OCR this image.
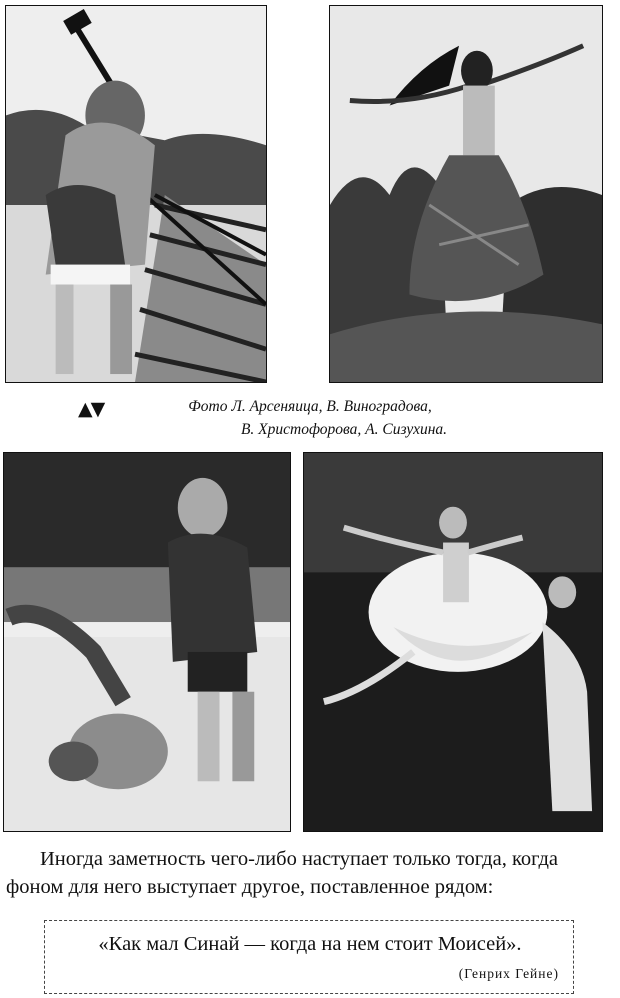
▲▼	Фото Л. Арсеняица, В. Виноградова,
В. Христофорова, А. Сизухина.
Иногда заметность чего-либо наступает только тогда, когда
фоном для него выступает другое, поставленное рядом:
«Как мал Синай — когда на нем стоит Моисей».
(Генрих Гейне)
